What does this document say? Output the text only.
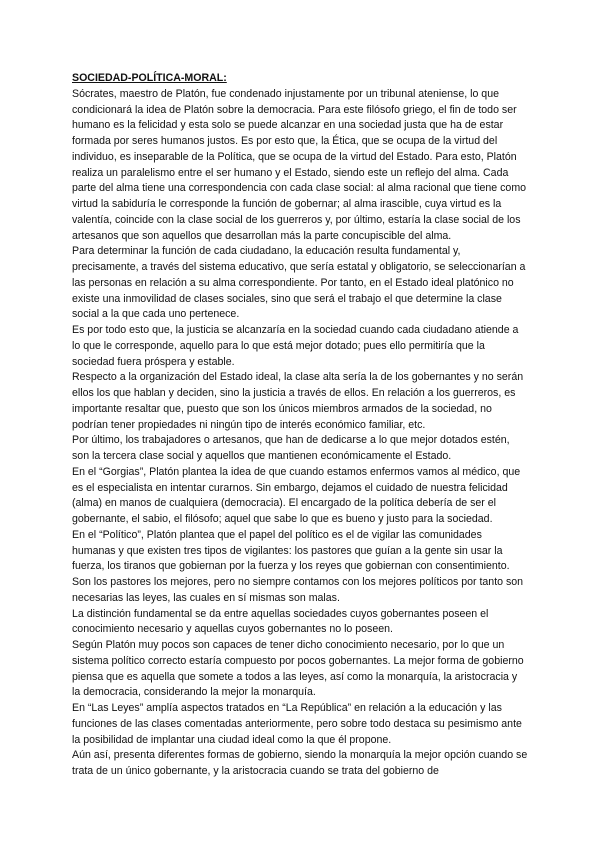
SOCIEDAD-POLÍTICA-MORAL:

Sócrates, maestro de Platón, fue condenado injustamente por un tribunal ateniense, lo que condicionará la idea de Platón sobre la democracia. Para este filósofo griego, el fin de todo ser humano es la felicidad y esta solo se puede alcanzar en una sociedad justa que ha de estar formada por seres humanos justos. Es por esto que, la Ética, que se ocupa de la virtud del individuo, es inseparable de la Política, que se ocupa de la virtud del Estado. Para esto, Platón realiza un paralelismo entre el ser humano y el Estado, siendo este un reflejo del alma. Cada parte del alma tiene una correspondencia con cada clase social: al alma racional que tiene como virtud la sabiduría le corresponde la función de gobernar; al alma irascible, cuya virtud es la valentía, coincide con la clase social de los guerreros y, por último, estaría la clase social de los artesanos que son aquellos que desarrollan más la parte concupiscible del alma.

Para determinar la función de cada ciudadano, la educación resulta fundamental y, precisamente, a través del sistema educativo, que sería estatal y obligatorio, se seleccionarían a las personas en relación a su alma correspondiente. Por tanto, en el Estado ideal platónico no existe una inmovilidad de clases sociales, sino que será el trabajo el que determine la clase social a la que cada uno pertenece.

Es por todo esto que, la justicia se alcanzaría en la sociedad cuando cada ciudadano atiende a lo que le corresponde, aquello para lo que está mejor dotado; pues ello permitiría que la sociedad fuera próspera y estable.

Respecto a la organización del Estado ideal, la clase alta sería la de los gobernantes y no serán ellos los que hablan y deciden, sino la justicia a través de ellos. En relación a los guerreros, es importante resaltar que, puesto que son los únicos miembros armados de la sociedad, no podrían tener propiedades ni ningún tipo de interés económico familiar, etc.

Por último, los trabajadores o artesanos, que han de dedicarse a lo que mejor dotados estén, son la tercera clase social y aquellos que mantienen económicamente el Estado.

En el “Gorgias”, Platón plantea la idea de que cuando estamos enfermos vamos al médico, que es el especialista en intentar curarnos. Sin embargo, dejamos el cuidado de nuestra felicidad (alma) en manos de cualquiera (democracia). El encargado de la política debería de ser el gobernante, el sabio, el filósofo; aquel que sabe lo que es bueno y justo para la sociedad.

En el “Político”, Platón plantea que el papel del político es el de vigilar las comunidades humanas y que existen tres tipos de vigilantes: los pastores que guían a la gente sin usar la fuerza, los tiranos que gobiernan por la fuerza y los reyes que gobiernan con consentimiento. Son los pastores los mejores, pero no siempre contamos con los mejores políticos por tanto son necesarias las leyes, las cuales en sí mismas son malas.

La distinción fundamental se da entre aquellas sociedades cuyos gobernantes poseen el conocimiento necesario y aquellas cuyos gobernantes no lo poseen.

Según Platón muy pocos son capaces de tener dicho conocimiento necesario, por lo que un sistema político correcto estaría compuesto por pocos gobernantes. La mejor forma de gobierno piensa que es aquella que somete a todos a las leyes, así como la monarquía, la aristocracia y la democracia, considerando la mejor la monarquía.

En “Las Leyes” amplía aspectos tratados en “La República” en relación a la educación y las funciones de las clases comentadas anteriormente, pero sobre todo destaca su pesimismo ante la posibilidad de implantar una ciudad ideal como la que él propone.

Aún así, presenta diferentes formas de gobierno, siendo la monarquía la mejor opción cuando se trata de un único gobernante, y la aristocracia cuando se trata del gobierno de
